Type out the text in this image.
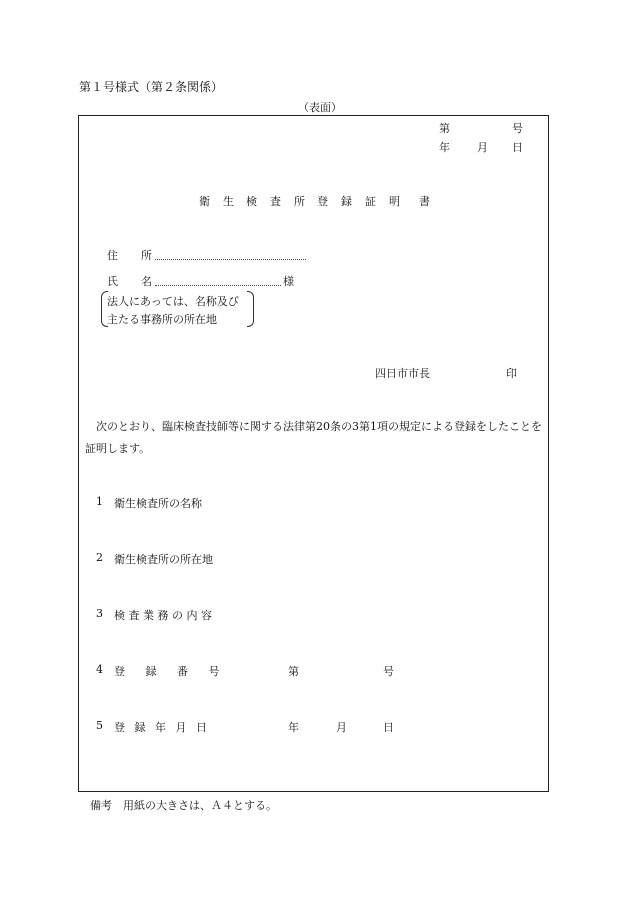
第１号様式（第２条関係）
（表面）
第	号
年 月 日
衛 生 検 査 所 登 録 証 明 書
住 所
氏 名	様
法人にあっては、名称及び
主たる事務所の所在地
四日市市長	印
次のとおり、臨床検査技師等に関する法律第20条の3第1項の規定による登録をしたことを証明します。
1 衛生検査所の名称
2 衛生検査所の所在地
3 検 査 業 務 の 内 容
4 登 録 番 号	第	号
5 登 録 年 月 日	年	月	日
備考　用紙の大きさは、Ａ４とする。
